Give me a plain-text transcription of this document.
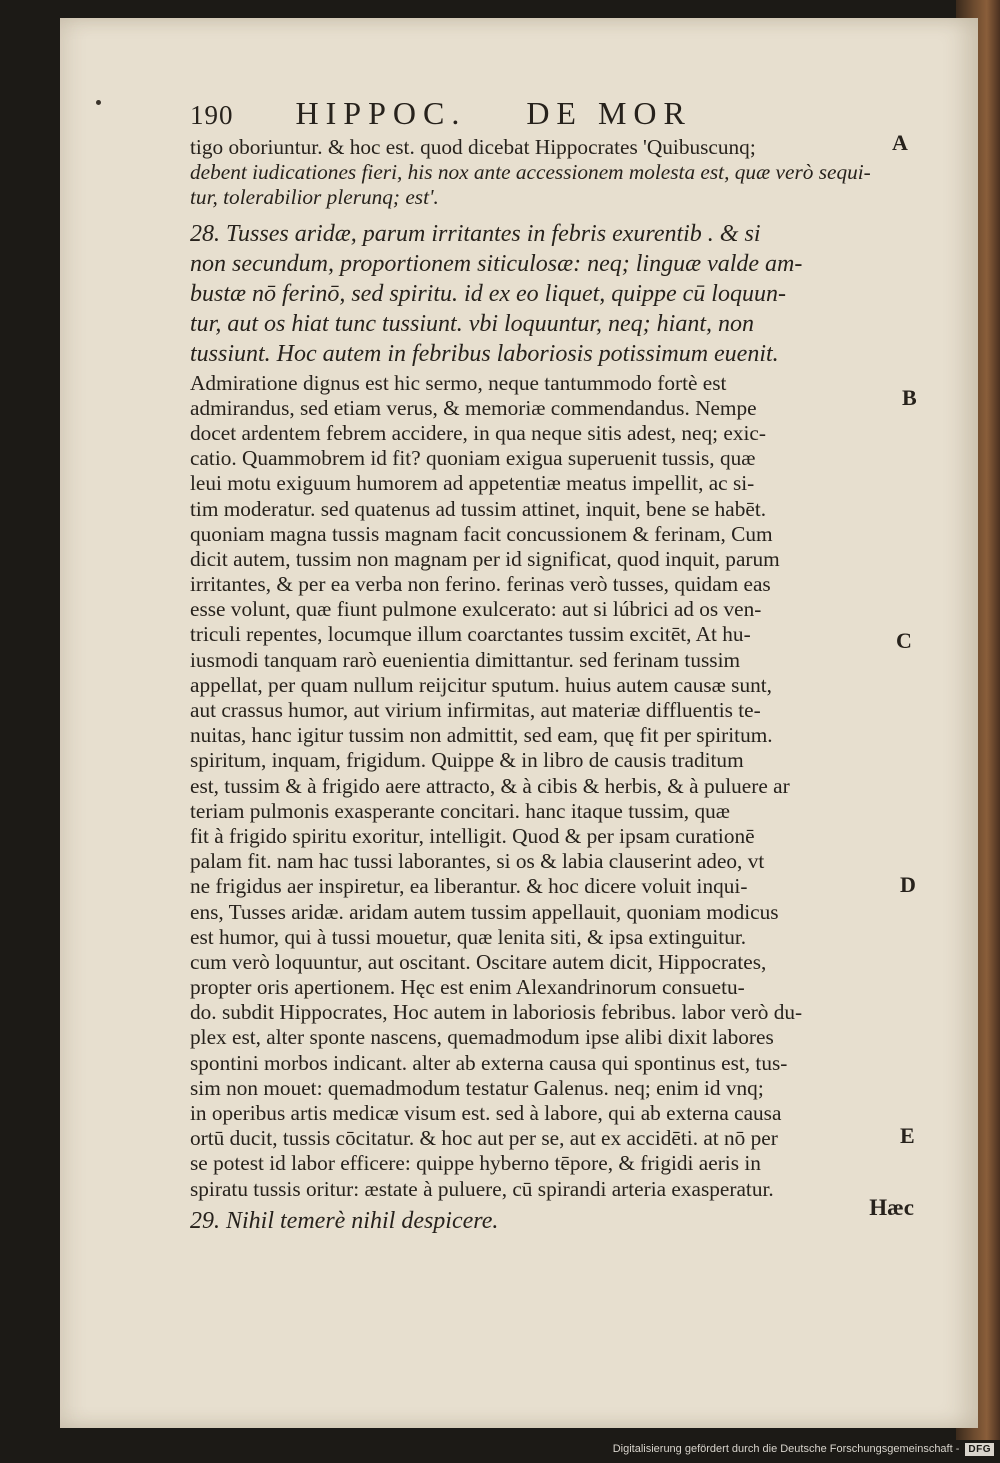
190 HIPPOC. DE MOR
tigo oboriuntur. & hoc est. quod dicebat Hippocrates 'Quibuscunq;
debent iudicationes fieri, his nox ante accessionem molesta est, quæ verò sequi-
tur, tolerabilior plerunq; est'.
28. Tusses aridæ, parum irritantes in febris exurentib . & si
non secundum, proportionem siticulosæ: neq; linguæ valde am-
bustæ nō ferinō, sed spiritu. id ex eo liquet, quippe cū loquun-
tur, aut os hiat tunc tussiunt. vbi loquuntur, neq; hiant, non
tussiunt. Hoc autem in febribus laboriosis potissimum euenit.
Admiratione dignus est hic sermo, neque tantummodo fortè est
admirandus, sed etiam verus, & memoriæ commendandus. Nempe
docet ardentem febrem accidere, in qua neque sitis adest, neq; exic-
catio. Quammobrem id fit? quoniam exigua superuenit tussis, quæ
leui motu exiguum humorem ad appetentiæ meatus impellit, ac si-
tim moderatur. sed quatenus ad tussim attinet, inquit, bene se habēt.
quoniam magna tussis magnam facit concussionem & ferinam, Cum
dicit autem, tussim non magnam per id significat, quod inquit, parum
irritantes, & per ea verba non ferino. ferinas verò tusses, quidam eas
esse volunt, quæ fiunt pulmone exulcerato: aut si lúbrici ad os ven-
triculi repentes, locumque illum coarctantes tussim excitēt, At hu-
iusmodi tanquam rarò euenientia dimittantur. sed ferinam tussim
appellat, per quam nullum reijcitur sputum. huius autem causæ sunt,
aut crassus humor, aut virium infirmitas, aut materiæ diffluentis te-
nuitas, hanc igitur tussim non admittit, sed eam, quę fit per spiritum.
spiritum, inquam, frigidum. Quippe & in libro de causis traditum
est, tussim & à frigido aere attracto, & à cibis & herbis, & à puluere ar
teriam pulmonis exasperante concitari. hanc itaque tussim, quæ
fit à frigido spiritu exoritur, intelligit. Quod & per ipsam curationē
palam fit. nam hac tussi laborantes, si os & labia clauserint adeo, vt
ne frigidus aer inspiretur, ea liberantur. & hoc dicere voluit inqui-
ens, Tusses aridæ. aridam autem tussim appellauit, quoniam modicus
est humor, qui à tussi mouetur, quæ lenita siti, & ipsa extinguitur.
cum verò loquuntur, aut oscitant. Oscitare autem dicit, Hippocrates,
propter oris apertionem. Hęc est enim Alexandrinorum consuetu-
do. subdit Hippocrates, Hoc autem in laboriosis febribus. labor verò du-
plex est, alter sponte nascens, quemadmodum ipse alibi dixit labores
spontini morbos indicant. alter ab externa causa qui spontinus est, tus-
sim non mouet: quemadmodum testatur Galenus. neq; enim id vnq;
in operibus artis medicæ visum est. sed à labore, qui ab externa causa
ortū ducit, tussis cōcitatur. & hoc aut per se, aut ex accidēti. at nō per
se potest id labor efficere: quippe hyberno tēpore, & frigidi aeris in
spiratu tussis oritur: æstate à puluere, cū spirandi arteria exasperatur.
29. Nihil temerè nihil despicere.
Hæc
A
B
C
D
E
Digitalisierung gefördert durch die Deutsche Forschungsgemeinschaft - DFG
